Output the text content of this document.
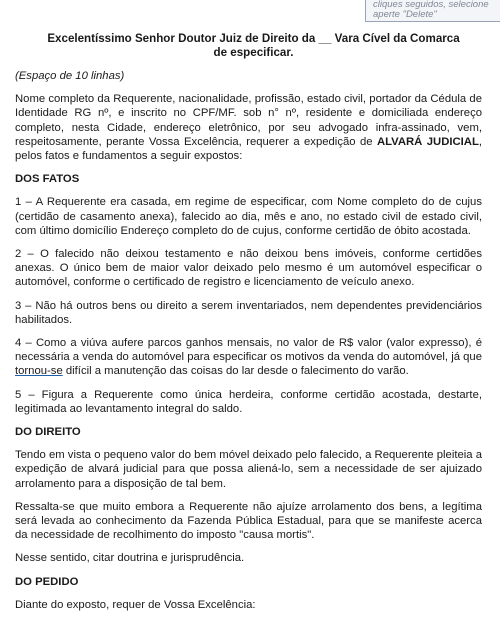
cliques seguidos, selecione
aperte "Delete"
Excelentíssimo Senhor Doutor Juiz de Direito da __ Vara Cível da Comarca
de especificar.
(Espaço de 10 linhas)

Nome completo da Requerente, nacionalidade, profissão, estado civil, portador da Cédula de Identidade RG nº, e inscrito no CPF/MF. sob n° nº, residente e domiciliada endereço completo, nesta Cidade, endereço eletrônico, por seu advogado infra-assinado, vem, respeitosamente, perante Vossa Excelência, requerer a expedição de ALVARÁ JUDICIAL, pelos fatos e fundamentos a seguir expostos:

DOS FATOS

1 – A Requerente era casada, em regime de especificar, com Nome completo do de cujus (certidão de casamento anexa), falecido ao dia, mês e ano, no estado civil de estado civil, com último domicílio Endereço completo do de cujus, conforme certidão de óbito acostada.

2 – O falecido não deixou testamento e não deixou bens imóveis, conforme certidões anexas. O único bem de maior valor deixado pelo mesmo é um automóvel especificar o automóvel, conforme o certificado de registro e licenciamento de veículo anexo.

3 – Não há outros bens ou direito a serem inventariados, nem dependentes previdenciários habilitados.

4 – Como a viúva aufere parcos ganhos mensais, no valor de R$ valor (valor expresso), é necessária a venda do automóvel para especificar os motivos da venda do automóvel, já que tornou-se difícil a manutenção das coisas do lar desde o falecimento do varão.

5 – Figura a Requerente como única herdeira, conforme certidão acostada, destarte, legitimada ao levantamento integral do saldo.

DO DIREITO

Tendo em vista o pequeno valor do bem móvel deixado pelo falecido, a Requerente pleiteia a expedição de alvará judicial para que possa aliená-lo, sem a necessidade de ser ajuizado arrolamento para a disposição de tal bem.

Ressalta-se que muito embora a Requerente não ajuíze arrolamento dos bens, a legítima será levada ao conhecimento da Fazenda Pública Estadual, para que se manifeste acerca da necessidade de recolhimento do imposto "causa mortis".

Nesse sentido, citar doutrina e jurisprudência.

DO PEDIDO

Diante do exposto, requer de Vossa Excelência:
